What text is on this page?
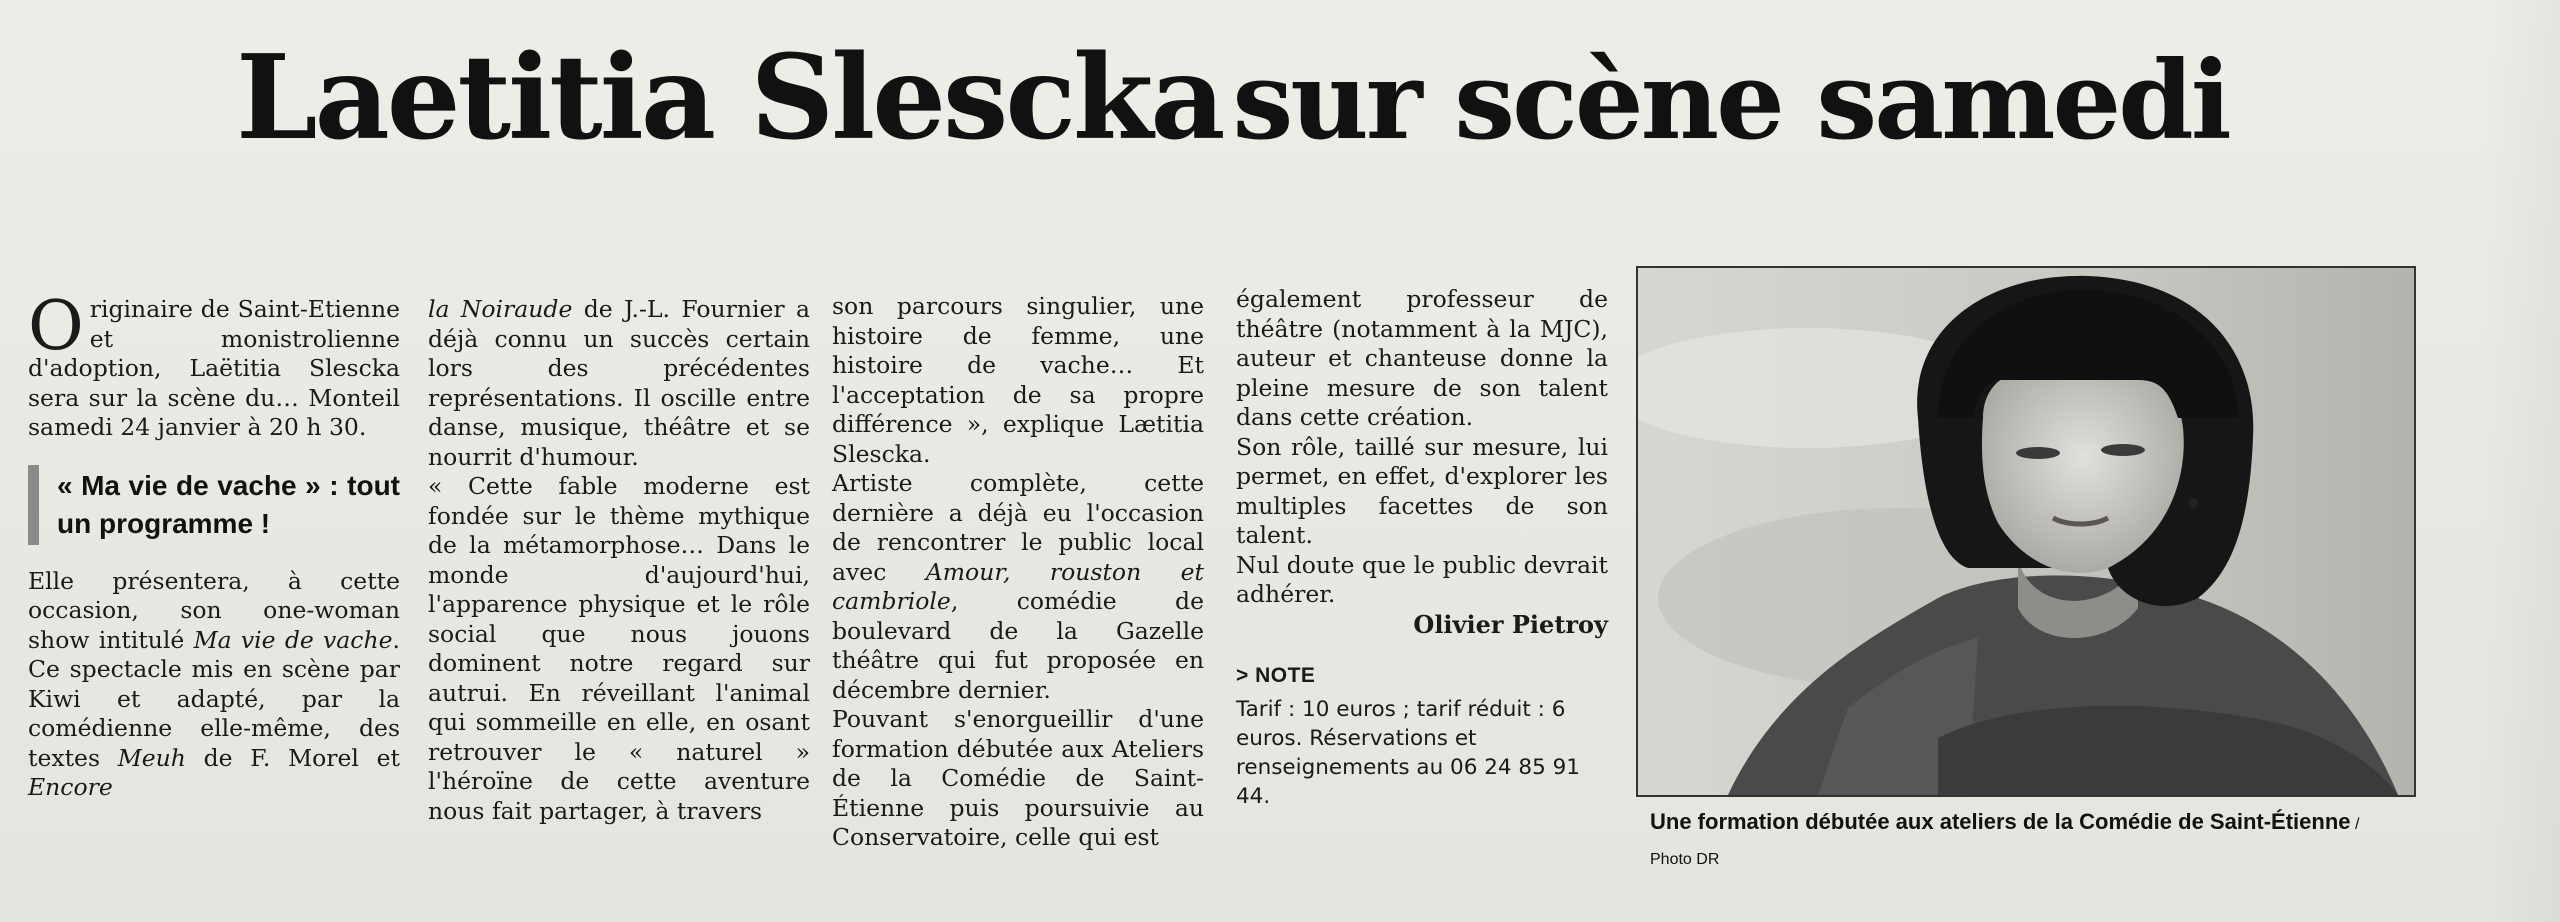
Laetitia Slesckasur scène samedi

Originaire de Saint-Etienne et monistrolienne d'adoption, Laëtitia Slescka sera sur la scène du… Monteil samedi 24 janvier à 20 h 30.

« Ma vie de vache » : tout un programme !

Elle présentera, à cette occasion, son one-woman show intitulé Ma vie de vache. Ce spectacle mis en scène par Kiwi et adapté, par la comédienne elle-même, des textes Meuh de F. Morel et Encore

la Noiraude de J.-L. Fournier a déjà connu un succès certain lors des précédentes représentations. Il oscille entre danse, musique, théâtre et se nourrit d'humour.

« Cette fable moderne est fondée sur le thème mythique de la métamorphose… Dans le monde d'aujourd'hui, l'apparence physique et le rôle social que nous jouons dominent notre regard sur autrui. En réveillant l'animal qui sommeille en elle, en osant retrouver le « naturel » l'héroïne de cette aventure nous fait partager, à travers

son parcours singulier, une histoire de femme, une histoire de vache… Et l'acceptation de sa propre différence », explique Lætitia Slescka.

Artiste complète, cette dernière a déjà eu l'occasion de rencontrer le public local avec Amour, rouston et cambriole, comédie de boulevard de la Gazelle théâtre qui fut proposée en décembre dernier.

Pouvant s'enorgueillir d'une formation débutée aux Ateliers de la Comédie de Saint-Étienne puis poursuivie au Conservatoire, celle qui est

également professeur de théâtre (notamment à la MJC), auteur et chanteuse donne la pleine mesure de son talent dans cette création.

Son rôle, taillé sur mesure, lui permet, en effet, d'explorer les multiples facettes de son talent.

Nul doute que le public devrait adhérer.

Olivier Pietroy
> NOTE
Tarif : 10 euros ; tarif réduit : 6 euros. Réservations et renseignements au 06 24 85 91 44.
Une formation débutée aux ateliers de la Comédie de Saint-Étienne / Photo DR
